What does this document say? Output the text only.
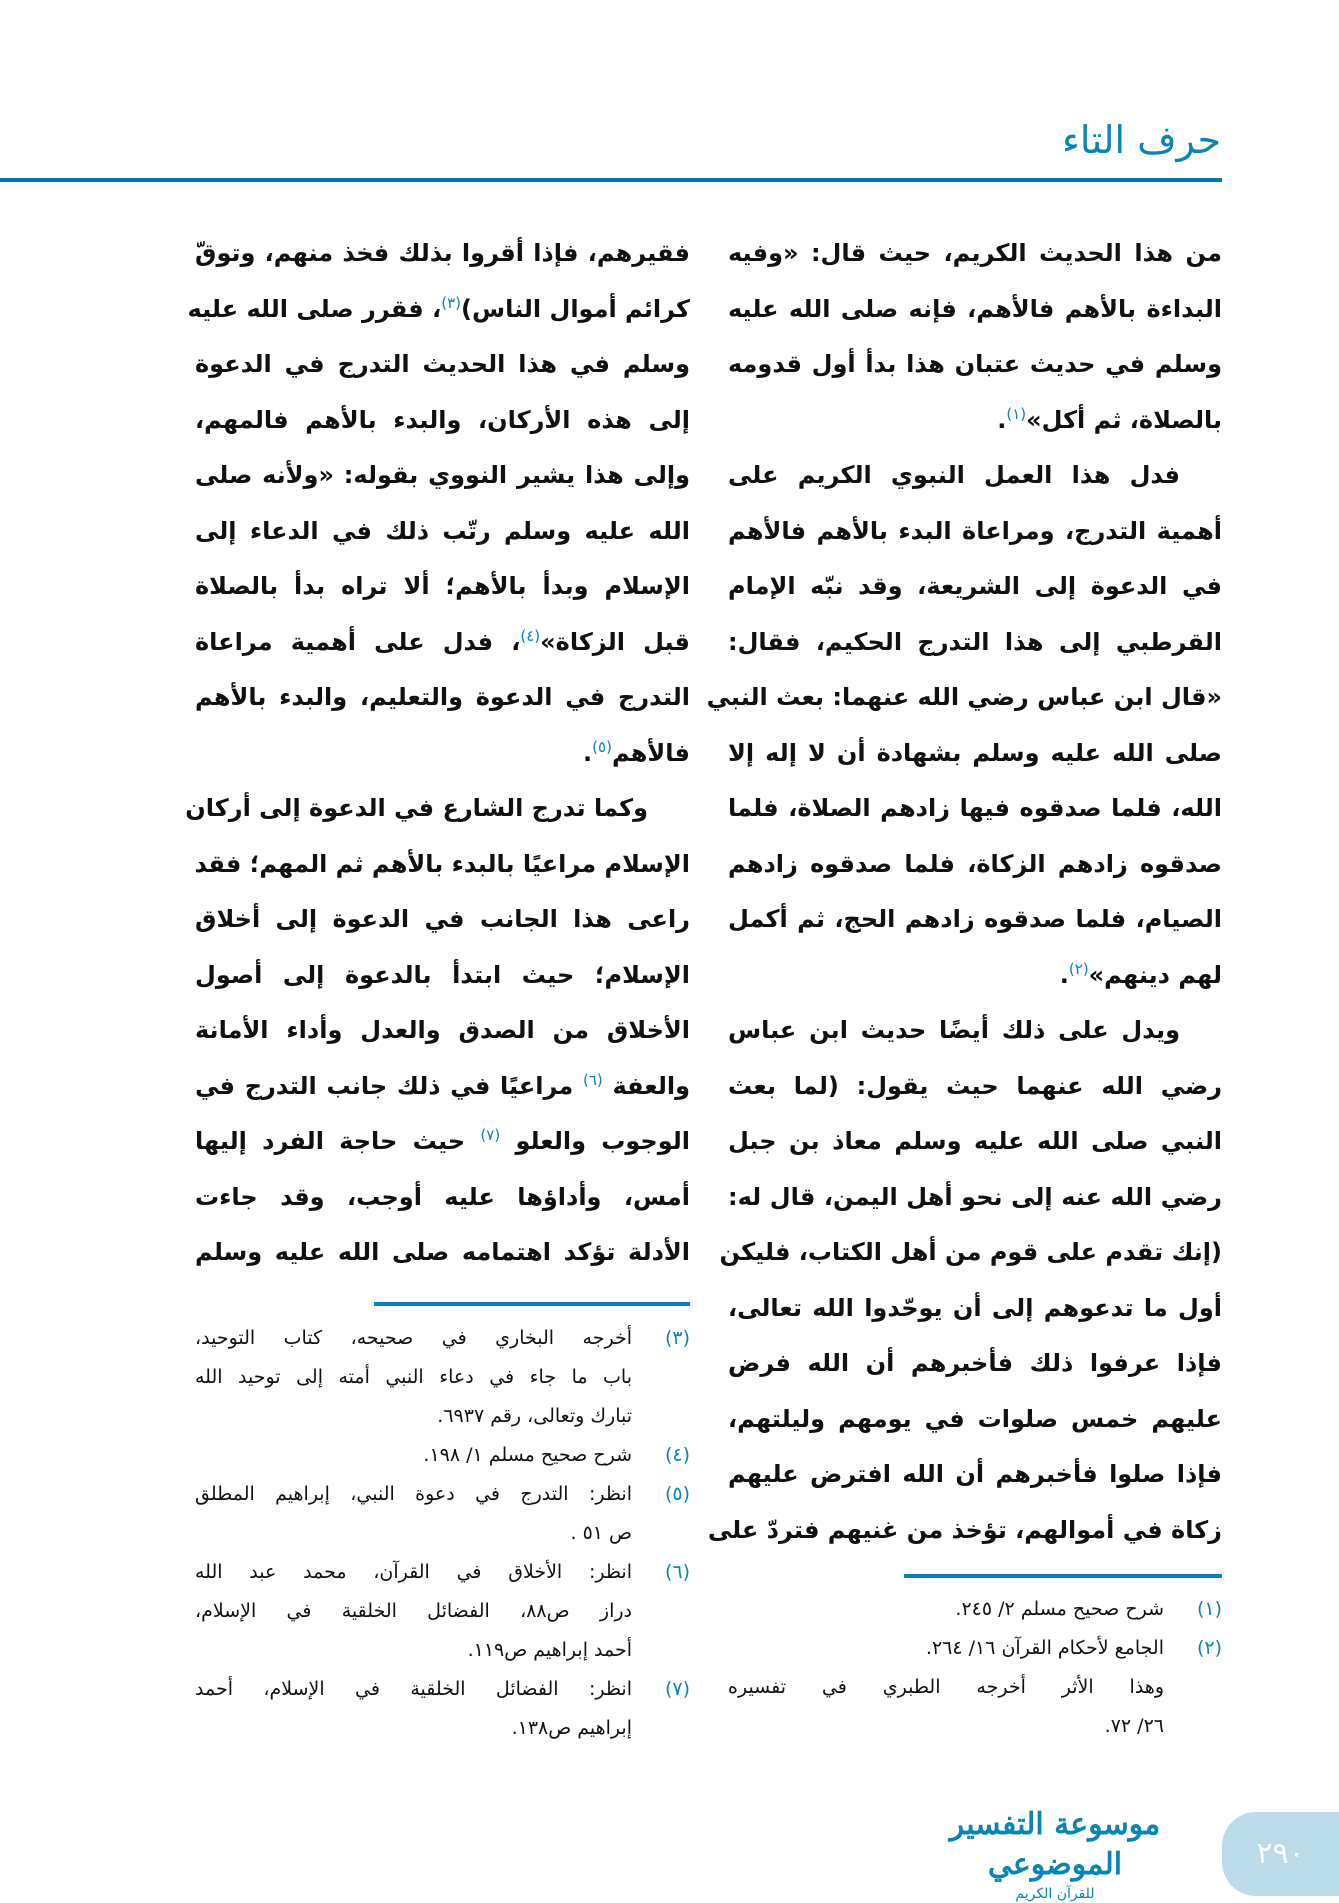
حرف التاء
من هذا الحديث الكريم، حيث قال: «وفيه
البداءة بالأهم فالأهم، فإنه صلى الله عليه
وسلم في حديث عتبان هذا بدأ أول قدومه
بالصلاة، ثم أكل»$^{(١)}$.
فدل هذا العمل النبوي الكريم على
أهمية التدرج، ومراعاة البدء بالأهم فالأهم
في الدعوة إلى الشريعة، وقد نبّه الإمام
القرطبي إلى هذا التدرج الحكيم، فقال:
«قال ابن عباس رضي الله عنهما: بعث النبي
صلى الله عليه وسلم بشهادة أن لا إله إلا
الله، فلما صدقوه فيها زادهم الصلاة، فلما
صدقوه زادهم الزكاة، فلما صدقوه زادهم
الصيام، فلما صدقوه زادهم الحج، ثم أكمل
لهم دينهم»$^{(٢)}$.
ويدل على ذلك أيضًا حديث ابن عباس
رضي الله عنهما حيث يقول: (لما بعث
النبي صلى الله عليه وسلم معاذ بن جبل
رضي الله عنه إلى نحو أهل اليمن، قال له:
(إنك تقدم على قوم من أهل الكتاب، فليكن
أول ما تدعوهم إلى أن يوحّدوا الله تعالى،
فإذا عرفوا ذلك فأخبرهم أن الله فرض
عليهم خمس صلوات في يومهم وليلتهم،
فإذا صلوا فأخبرهم أن الله افترض عليهم
زكاة في أموالهم، تؤخذ من غنيهم فتردّ على
فقيرهم، فإذا أقروا بذلك فخذ منهم، وتوقّ
كرائم أموال الناس)$^{(٣)}$، فقرر صلى الله عليه
وسلم في هذا الحديث التدرج في الدعوة
إلى هذه الأركان، والبدء بالأهم فالمهم،
وإلى هذا يشير النووي بقوله: «ولأنه صلى
الله عليه وسلم رتّب ذلك في الدعاء إلى
الإسلام وبدأ بالأهم؛ ألا تراه بدأ بالصلاة
قبل الزكاة»$^{(٤)}$، فدل على أهمية مراعاة
التدرج في الدعوة والتعليم، والبدء بالأهم
فالأهم$^{(٥)}$.
وكما تدرج الشارع في الدعوة إلى أركان
الإسلام مراعيًا بالبدء بالأهم ثم المهم؛ فقد
راعى هذا الجانب في الدعوة إلى أخلاق
الإسلام؛ حيث ابتدأ بالدعوة إلى أصول
الأخلاق من الصدق والعدل وأداء الأمانة
والعفة $^{(٦)}$ مراعيًا في ذلك جانب التدرج في
الوجوب والعلو $^{(٧)}$ حيث حاجة الفرد إليها
أمس، وأداؤها عليه أوجب، وقد جاءت
الأدلة تؤكد اهتمامه صلى الله عليه وسلم
(٣)
أخرجه البخاري في صحيحه، كتاب التوحيد،
باب ما جاء في دعاء النبي أمته إلى توحيد الله
تبارك وتعالى، رقم ٦٩٣٧.
(٤)
شرح صحيح مسلم ١/ ١٩٨.
(٥)
انظر: التدرج في دعوة النبي، إبراهيم المطلق
ص ٥١ .
(٦)
انظر: الأخلاق في القرآن، محمد عبد الله
دراز ص٨٨، الفضائل الخلقية في الإسلام،
أحمد إبراهيم ص١١٩.
(٧)
انظر: الفضائل الخلقية في الإسلام، أحمد
إبراهيم ص١٣٨.
(١)
شرح صحيح مسلم ٢/ ٢٤٥.
(٢)
الجامع لأحكام القرآن ١٦/ ٢٦٤.
وهذا الأثر أخرجه الطبري في تفسيره
٢٦/ ٧٢.
موسوعة التفسير الموضوعي
للقرآن الكريم
٢٩٠
